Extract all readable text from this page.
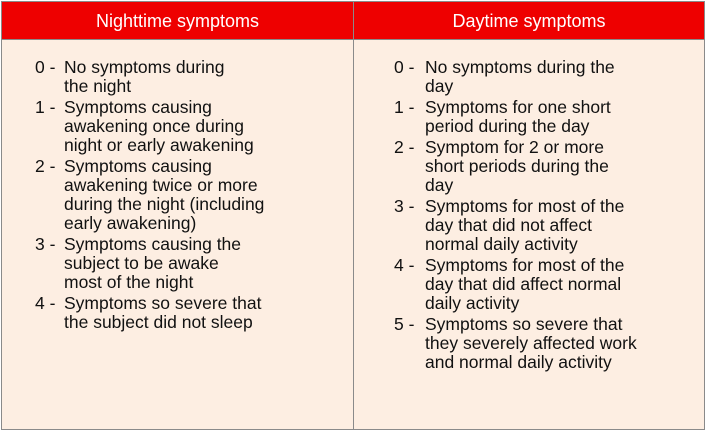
Nighttime symptoms	Daytime symptoms
0 - No symptoms during
the night
1 - Symptoms causing
awakening once during
night or early awakening
2 - Symptoms causing
awakening twice or more
during the night (including
early awakening)
3 - Symptoms causing the
subject to be awake
most of the night
4 - Symptoms so severe that
the subject did not sleep
0 - No symptoms during the
day
1 - Symptoms for one short
period during the day
2 - Symptom for 2 or more
short periods during the
day
3 - Symptoms for most of the
day that did not affect
normal daily activity
4 - Symptoms for most of the
day that did affect normal
daily activity
5 - Symptoms so severe that
they severely affected work
and normal daily activity
